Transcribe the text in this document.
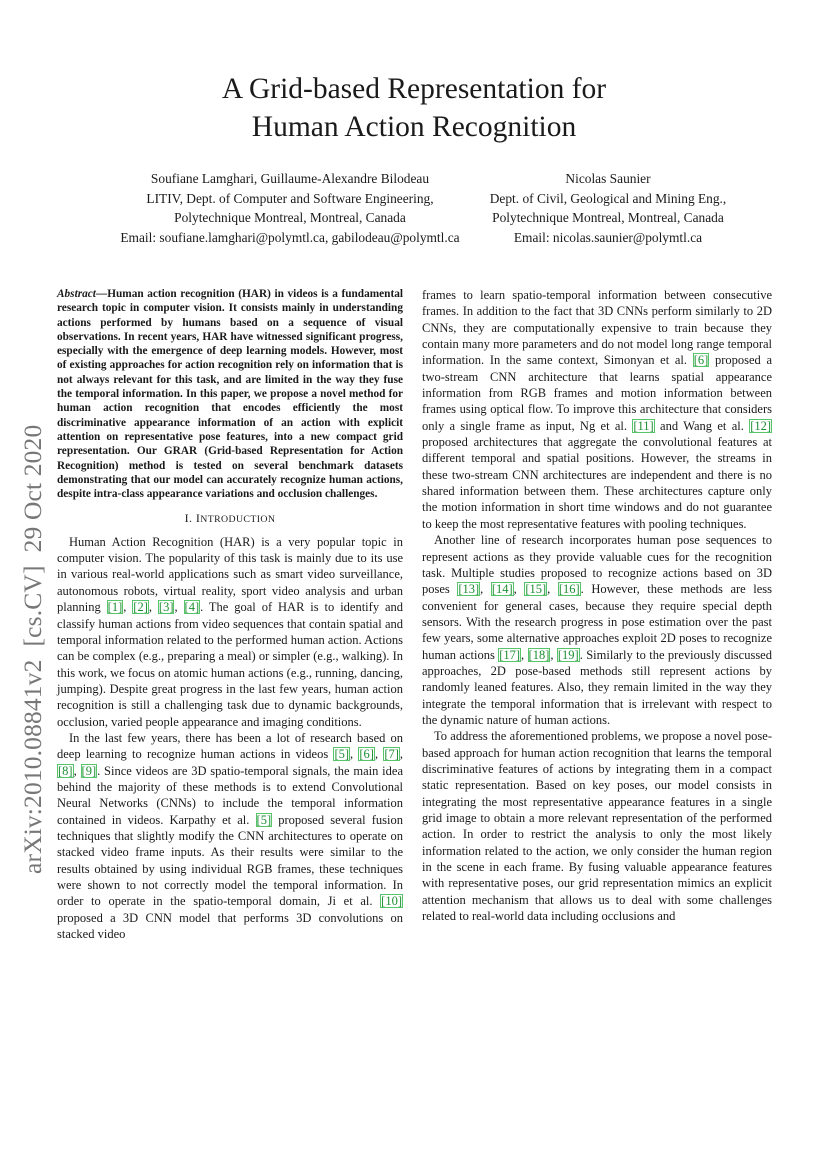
A Grid-based Representation for
Human Action Recognition
Soufiane Lamghari, Guillaume-Alexandre Bilodeau
LITIV, Dept. of Computer and Software Engineering,
Polytechnique Montreal, Montreal, Canada
Email: soufiane.lamghari@polymtl.ca, gabilodeau@polymtl.ca
Nicolas Saunier
Dept. of Civil, Geological and Mining Eng.,
Polytechnique Montreal, Montreal, Canada
Email: nicolas.saunier@polymtl.ca
arXiv:2010.08841v2  [cs.CV]  29 Oct 2020

Abstract—Human action recognition (HAR) in videos is a fundamental research topic in computer vision. It consists mainly in understanding actions performed by humans based on a sequence of visual observations. In recent years, HAR have witnessed significant progress, especially with the emergence of deep learning models. However, most of existing approaches for action recognition rely on information that is not always relevant for this task, and are limited in the way they fuse the temporal information. In this paper, we propose a novel method for human action recognition that encodes efficiently the most discriminative appearance information of an action with explicit attention on representative pose features, into a new compact grid representation. Our GRAR (Grid-based Representation for Action Recognition) method is tested on several benchmark datasets demonstrating that our model can accurately recognize human actions, despite intra-class appearance variations and occlusion challenges.

I. INTRODUCTION

Human Action Recognition (HAR) is a very popular topic in computer vision. The popularity of this task is mainly due to its use in various real-world applications such as smart video surveillance, autonomous robots, virtual reality, sport video analysis and urban planning [1], [2], [3], [4]. The goal of HAR is to identify and classify human actions from video sequences that contain spatial and temporal information related to the performed human action. Actions can be complex (e.g., preparing a meal) or simpler (e.g., walking). In this work, we focus on atomic human actions (e.g., running, dancing, jumping). Despite great progress in the last few years, human action recognition is still a challenging task due to dynamic backgrounds, occlusion, varied people appearance and imaging conditions.

In the last few years, there has been a lot of research based on deep learning to recognize human actions in videos [5], [6], [7], [8], [9]. Since videos are 3D spatio-temporal signals, the main idea behind the majority of these methods is to extend Convolutional Neural Networks (CNNs) to include the temporal information contained in videos. Karpathy et al. [5] proposed several fusion techniques that slightly modify the CNN architectures to operate on stacked video frame inputs. As their results were similar to the results obtained by using individual RGB frames, these techniques were shown to not correctly model the temporal information. In order to operate in the spatio-temporal domain, Ji et al. [10] proposed a 3D CNN model that performs 3D convolutions on stacked video

frames to learn spatio-temporal information between consecutive frames. In addition to the fact that 3D CNNs perform similarly to 2D CNNs, they are computationally expensive to train because they contain many more parameters and do not model long range temporal information. In the same context, Simonyan et al. [6] proposed a two-stream CNN architecture that learns spatial appearance information from RGB frames and motion information between frames using optical flow. To improve this architecture that considers only a single frame as input, Ng et al. [11] and Wang et al. [12] proposed architectures that aggregate the convolutional features at different temporal and spatial positions. However, the streams in these two-stream CNN architectures are independent and there is no shared information between them. These architectures capture only the motion information in short time windows and do not guarantee to keep the most representative features with pooling techniques.

Another line of research incorporates human pose sequences to represent actions as they provide valuable cues for the recognition task. Multiple studies proposed to recognize actions based on 3D poses [13], [14], [15], [16]. However, these methods are less convenient for general cases, because they require special depth sensors. With the research progress in pose estimation over the past few years, some alternative approaches exploit 2D poses to recognize human actions [17], [18], [19]. Similarly to the previously discussed approaches, 2D pose-based methods still represent actions by randomly leaned features. Also, they remain limited in the way they integrate the temporal information that is irrelevant with respect to the dynamic nature of human actions.

To address the aforementioned problems, we propose a novel pose-based approach for human action recognition that learns the temporal discriminative features of actions by integrating them in a compact static representation. Based on key poses, our model consists in integrating the most representative appearance features in a single grid image to obtain a more relevant representation of the performed action. In order to restrict the analysis to only the most likely information related to the action, we only consider the human region in the scene in each frame. By fusing valuable appearance features with representative poses, our grid representation mimics an explicit attention mechanism that allows us to deal with some challenges related to real-world data including occlusions and
